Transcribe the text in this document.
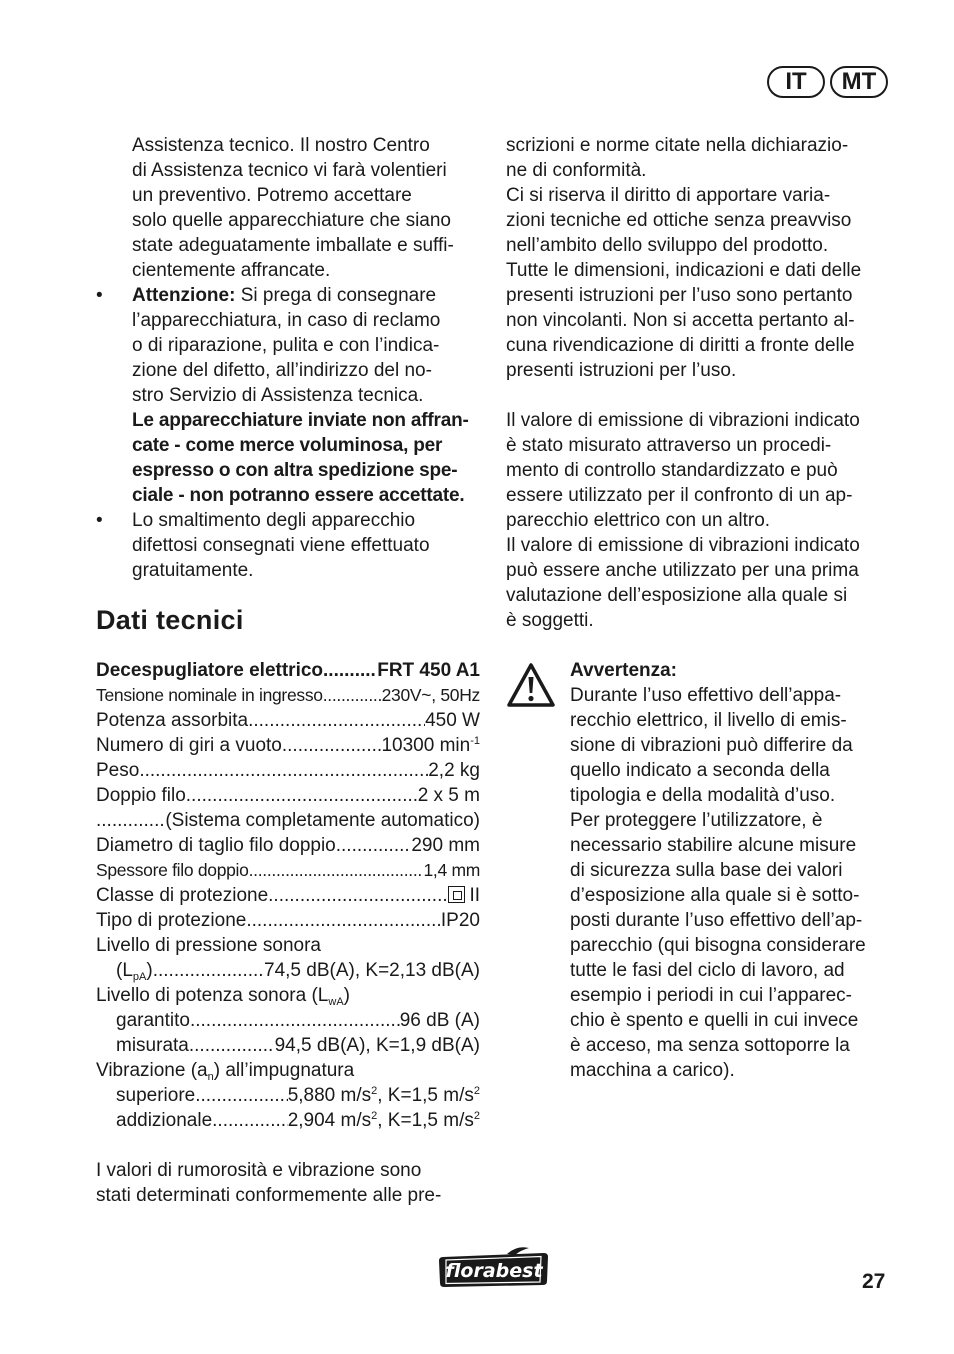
IT	MT
Assistenza tecnico. Il nostro Centro
di Assistenza tecnico vi farà volentieri
un preventivo. Potremo accettare
solo quelle apparecchiature che siano
state adeguatamente imballate e suffi-
cientemente affrancate.
• Attenzione: Si prega di consegnare
l’apparecchiatura, in caso di reclamo
o di riparazione, pulita e con l’indica-
zione del difetto, all’indirizzo del no-
stro Servizio di Assistenza tecnica.
Le apparecchiature inviate non affran-
cate - come merce voluminosa, per
espresso o con altra spedizione spe-
ciale - non potranno essere accettate.
• Lo smaltimento degli apparecchio
difettosi consegnati viene effettuato
gratuitamente.
Dati tecnici
Decespugliatore elettrico .....	FRT 450 A1
Tensione nominale in ingresso .....	230V~, 50Hz
Potenza assorbita .....	450 W
Numero di giri a vuoto .....	10300 $\min^{-1}$
Peso .....	2,2 kg
Doppio filo .....	2 x 5 m
.....
(Sistema completamente automatico)
Diametro di taglio filo doppio .....	290 mm
Spessore filo doppio .....	1,4 mm
Classe di protezione .....	II
Tipo di protezione .....	IP20
Livello di pressione sonora
$(L_{pA})$ .....	74,5 dB(A), K=2,13 dB(A)
Livello di potenza sonora $(L_{wA})$
garantito .....	96 dB (A)
misurata .....	94,5 dB(A), K=1,9 dB(A)
Vibrazione $(a_n)$ all’impugnatura
superiore .....	5,880 $m/s^2$, K=1,5 $m/s^2$
addizionale .....	2,904 $m/s^2$, K=1,5 $m/s^2$
I valori di rumorosità e vibrazione sono
stati determinati conformemente alle pre-
scrizioni e norme citate nella dichiarazio-
ne di conformità.
Ci si riserva il diritto di apportare varia-
zioni tecniche ed ottiche senza preavviso
nell’ambito dello sviluppo del prodotto.
Tutte le dimensioni, indicazioni e dati delle
presenti istruzioni per l’uso sono pertanto
non vincolanti. Non si accetta pertanto al-
cuna rivendicazione di diritti a fronte delle
presenti istruzioni per l’uso.
Il valore di emissione di vibrazioni indicato
è stato misurato attraverso un procedi-
mento di controllo standardizzato e può
essere utilizzato per il confronto di un ap-
parecchio elettrico con un altro.
Il valore di emissione di vibrazioni indicato
può essere anche utilizzato per una prima
valutazione dell’esposizione alla quale si
è soggetti.
Avvertenza:
Durante l’uso effettivo dell’appa-
recchio elettrico, il livello di emis-
sione di vibrazioni può differire da
quello indicato a seconda della
tipologia e della modalità d’uso.
Per proteggere l’utilizzatore, è
necessario stabilire alcune misure
di sicurezza sulla base dei valori
d’esposizione alla quale si è sotto-
posti durante l’uso effettivo dell’ap-
parecchio (qui bisogna considerare
tutte le fasi del ciclo di lavoro, ad
esempio i periodi in cui l’apparec-
chio è spento e quelli in cui invece
è acceso, ma senza sottoporre la
macchina a carico).
florabest	27
